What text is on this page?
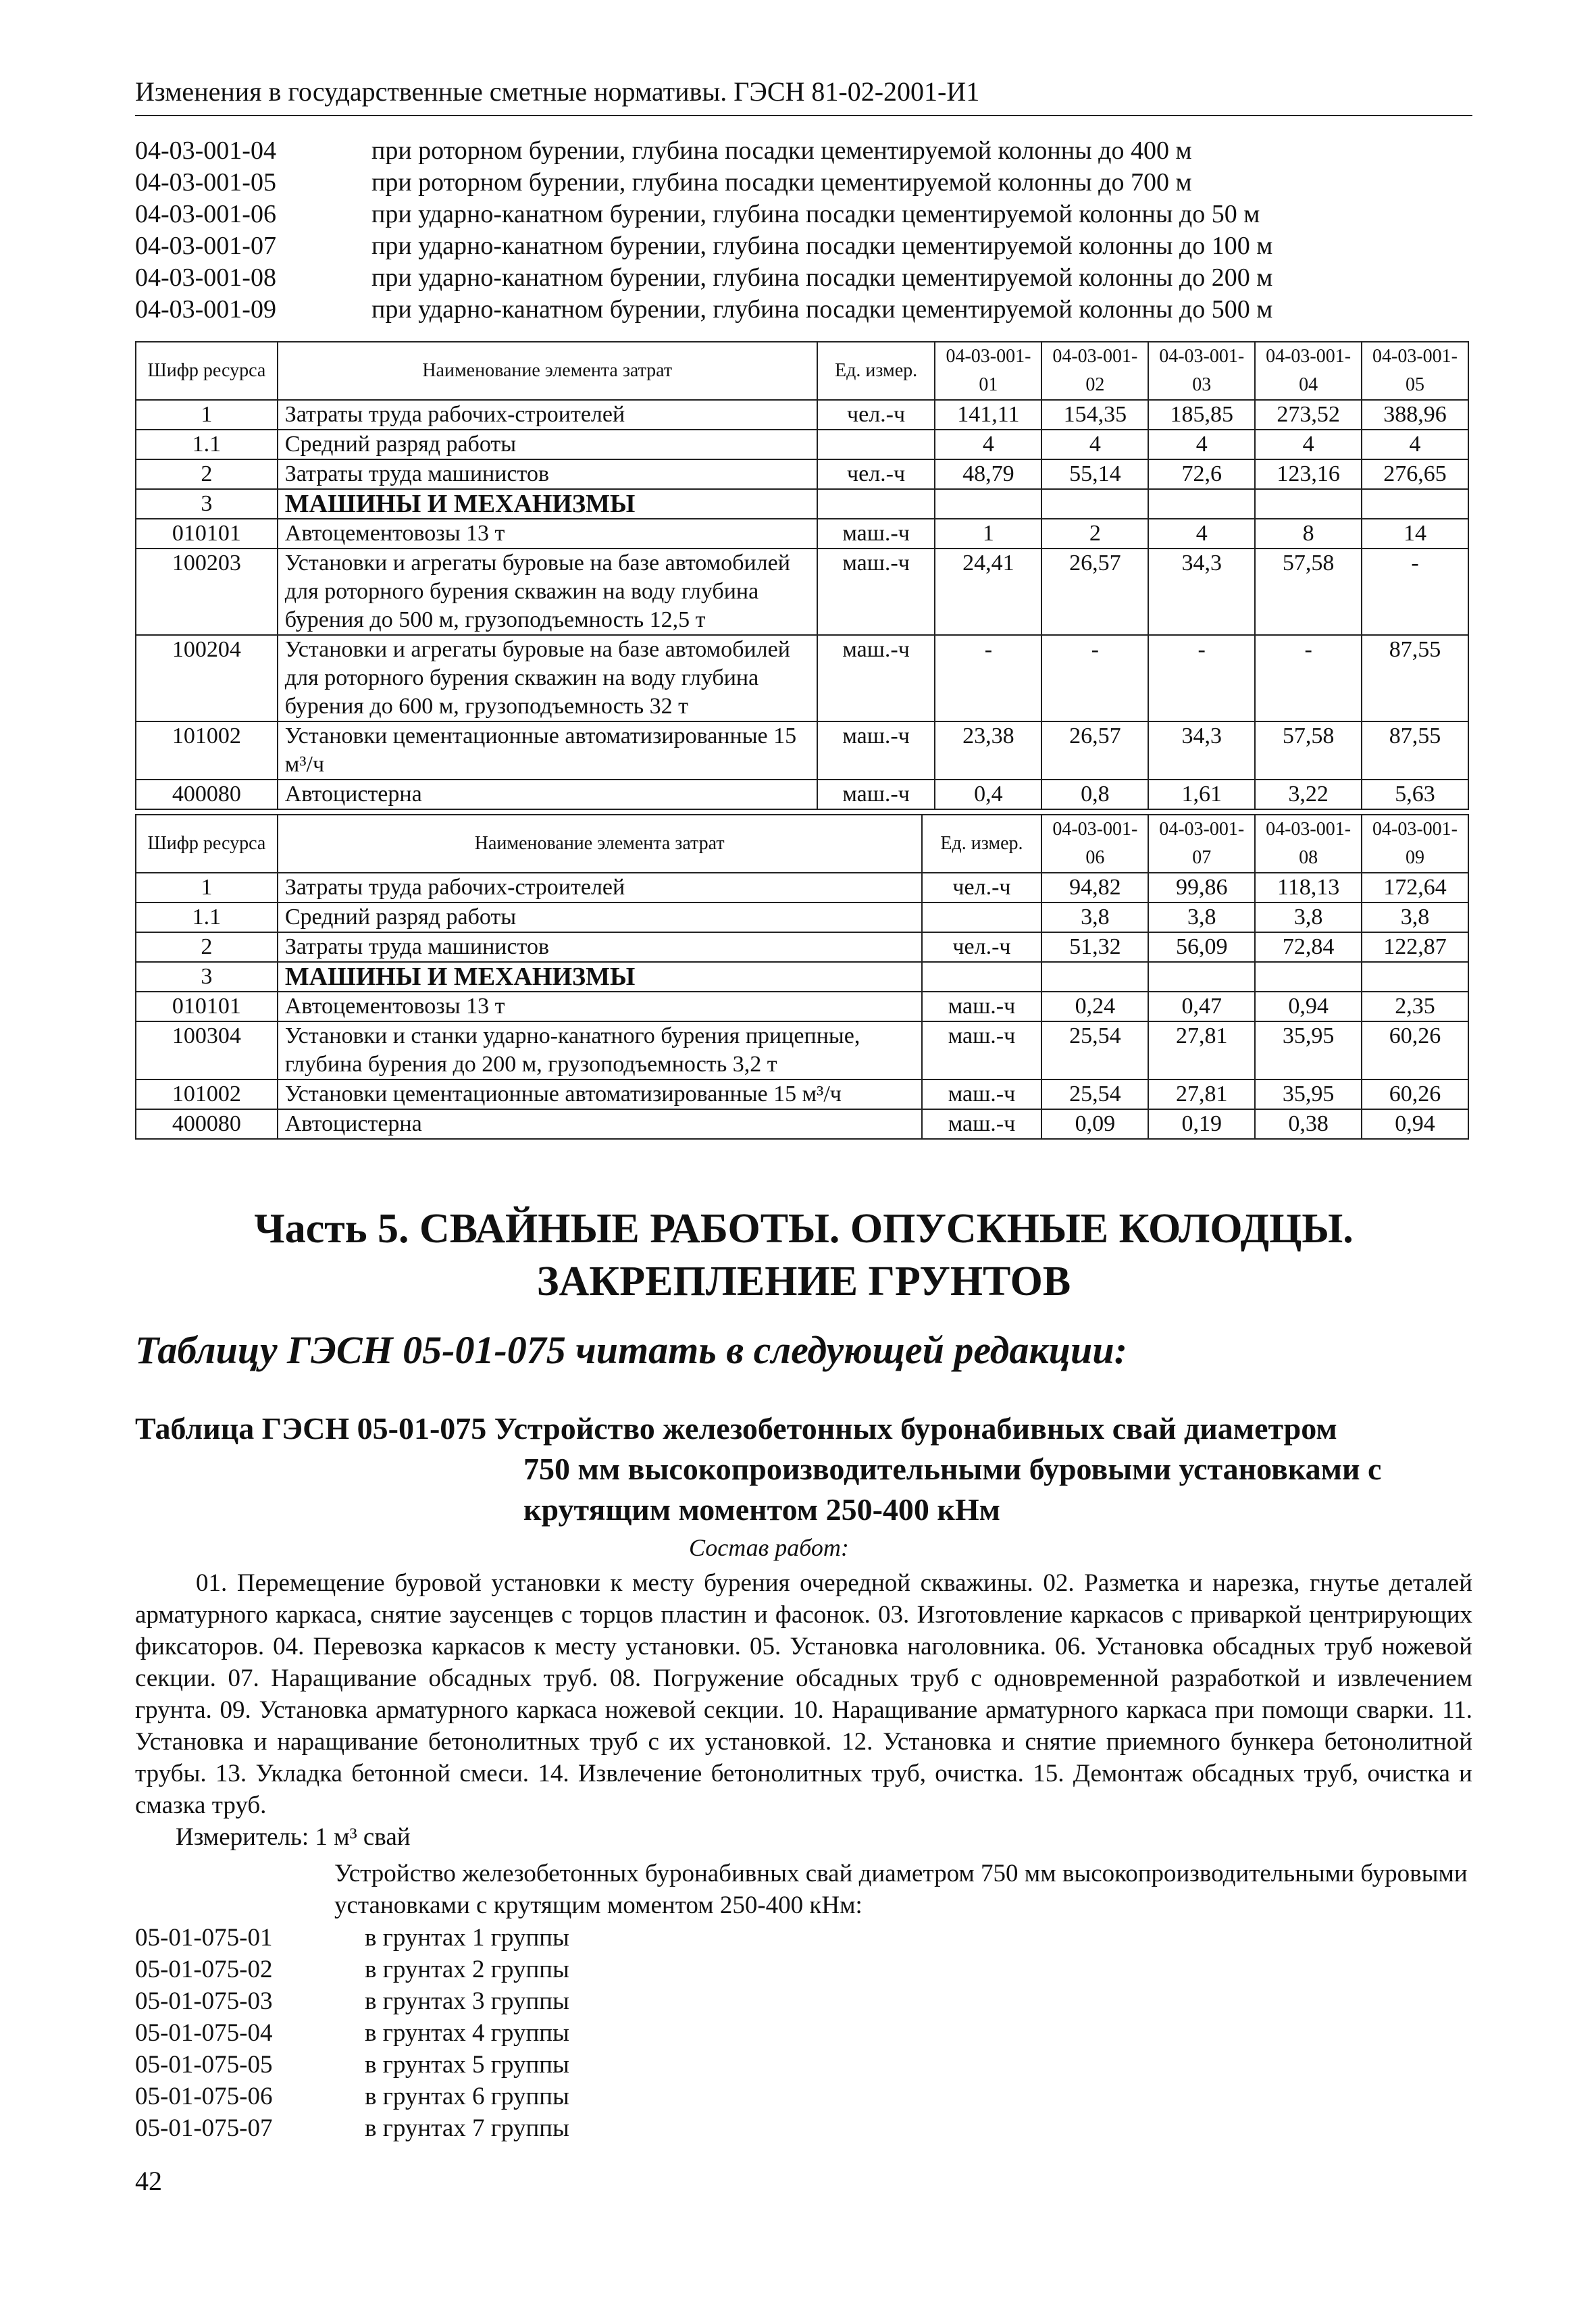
Изменения в государственные сметные нормативы. ГЭСН 81-02-2001-И1
04-03-001-04	при роторном бурении, глубина посадки цементируемой колонны до 400 м
04-03-001-05	при роторном бурении, глубина посадки цементируемой колонны до 700 м
04-03-001-06	при ударно-канатном бурении, глубина посадки цементируемой колонны до 50 м
04-03-001-07	при ударно-канатном бурении, глубина посадки цементируемой колонны до 100 м
04-03-001-08	при ударно-канатном бурении, глубина посадки цементируемой колонны до 200 м
04-03-001-09	при ударно-канатном бурении, глубина посадки цементируемой колонны до 500 м
Шифр ресурса	Наименование элемента затрат	Ед. измер.	04-03-001-01	04-03-001-02	04-03-001-03	04-03-001-04	04-03-001-05
1	Затраты труда рабочих-строителей	чел.-ч	141,11	154,35	185,85	273,52	388,96
1.1	Средний разряд работы		4	4	4	4	4
2	Затраты труда машинистов	чел.-ч	48,79	55,14	72,6	123,16	276,65
3	МАШИНЫ И МЕХАНИЗМЫ						
010101	Автоцементовозы 13 т	маш.-ч	1	2	4	8	14
100203	Установки и агрегаты буровые на базе автомобилей для роторного бурения скважин на воду глубина бурения до 500 м, грузоподъемность 12,5 т	маш.-ч	24,41	26,57	34,3	57,58	-
100204	Установки и агрегаты буровые на базе автомобилей для роторного бурения скважин на воду глубина бурения до 600 м, грузоподъемность 32 т	маш.-ч	-	-	-	-	87,55
101002	Установки цементационные автоматизированные 15 м³/ч	маш.-ч	23,38	26,57	34,3	57,58	87,55
400080	Автоцистерна	маш.-ч	0,4	0,8	1,61	3,22	5,63
Шифр ресурса	Наименование элемента затрат	Ед. измер.	04-03-001-06	04-03-001-07	04-03-001-08	04-03-001-09
1	Затраты труда рабочих-строителей	чел.-ч	94,82	99,86	118,13	172,64
1.1	Средний разряд работы		3,8	3,8	3,8	3,8
2	Затраты труда машинистов	чел.-ч	51,32	56,09	72,84	122,87
3	МАШИНЫ И МЕХАНИЗМЫ					
010101	Автоцементовозы 13 т	маш.-ч	0,24	0,47	0,94	2,35
100304	Установки и станки ударно-канатного бурения прицепные, глубина бурения до 200 м, грузоподъемность 3,2 т	маш.-ч	25,54	27,81	35,95	60,26
101002	Установки цементационные автоматизированные 15 м³/ч	маш.-ч	25,54	27,81	35,95	60,26
400080	Автоцистерна	маш.-ч	0,09	0,19	0,38	0,94
Часть 5. СВАЙНЫЕ РАБОТЫ. ОПУСКНЫЕ КОЛОДЦЫ. ЗАКРЕПЛЕНИЕ ГРУНТОВ
Таблицу ГЭСН 05-01-075 читать в следующей редакции:
Таблица ГЭСН 05-01-075 Устройство железобетонных буронабивных свай диаметром
750 мм высокопроизводительными буровыми установками с крутящим моментом 250-400 кНм
Состав работ:
01. Перемещение буровой установки к месту бурения очередной скважины. 02. Разметка и нарезка, гнутье деталей арматурного каркаса, снятие заусенцев с торцов пластин и фасонок. 03. Изготовление каркасов с приваркой центрирующих фиксаторов. 04. Перевозка каркасов к месту установки. 05. Установка наголовника. 06. Установка обсадных труб ножевой секции. 07. Наращивание обсадных труб. 08. Погружение обсадных труб с одновременной разработкой и извлечением грунта. 09. Установка арматурного каркаса ножевой секции. 10. Наращивание арматурного каркаса при помощи сварки. 11. Установка и наращивание бетонолитных труб с их установкой. 12. Установка и снятие приемного бункера бетонолитной трубы. 13. Укладка бетонной смеси. 14. Извлечение бетонолитных труб, очистка. 15. Демонтаж обсадных труб, очистка и смазка труб.
Измеритель: 1 м³ свай
Устройство железобетонных буронабивных свай диаметром 750 мм высокопроизводительными буровыми установками с крутящим моментом 250-400 кНм:
05-01-075-01	в грунтах 1 группы
05-01-075-02	в грунтах 2 группы
05-01-075-03	в грунтах 3 группы
05-01-075-04	в грунтах 4 группы
05-01-075-05	в грунтах 5 группы
05-01-075-06	в грунтах 6 группы
05-01-075-07	в грунтах 7 группы
42
